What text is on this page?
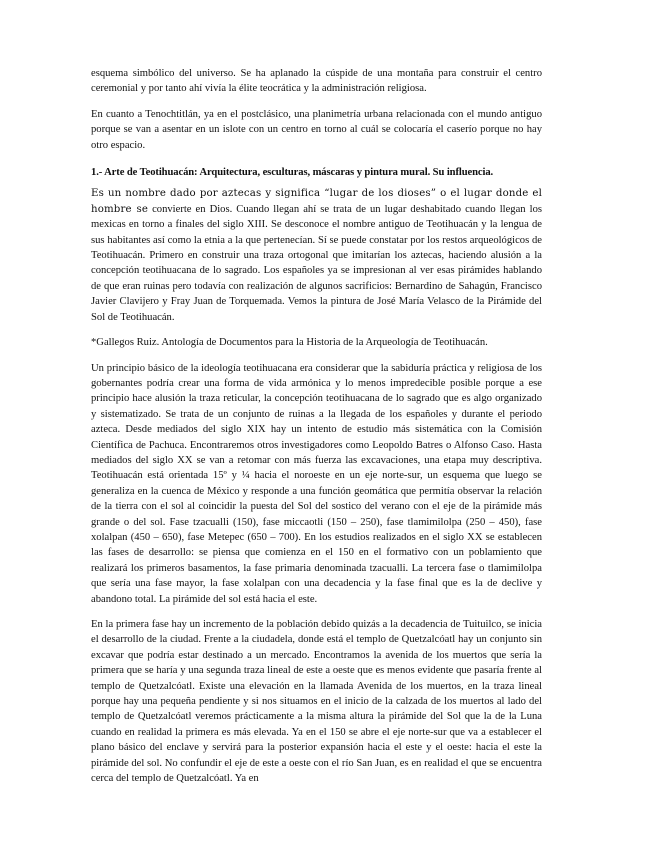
esquema simbólico del universo. Se ha aplanado la cúspide de una montaña para construir el centro ceremonial y por tanto ahí vivía la élite teocrática y la administración religiosa.

En cuanto a Tenochtitlán, ya en el postclásico, una planimetría urbana relacionada con el mundo antiguo porque se van a asentar en un islote con un centro en torno al cuál se colocaría el caserío porque no hay otro espacio.

1.- Arte de Teotihuacán: Arquitectura, esculturas, máscaras y pintura mural. Su influencia.

Es un nombre dado por aztecas y significa “lugar de los dioses” o el lugar donde el hombre se convierte en Dios. Cuando llegan ahí se trata de un lugar deshabitado cuando llegan los mexicas en torno a finales del siglo XIII. Se desconoce el nombre antiguo de Teotihuacán y la lengua de sus habitantes así como la etnia a la que pertenecían. Sí se puede constatar por los restos arqueológicos de Teotihuacán. Primero en construir una traza ortogonal que imitarían los aztecas, haciendo alusión a la concepción teotihuacana de lo sagrado. Los españoles ya se impresionan al ver esas pirámides hablando de que eran ruinas pero todavía con realización de algunos sacrificios: Bernardino de Sahagún, Francisco Javier Clavijero y Fray Juan de Torquemada. Vemos la pintura de José María Velasco de la Pirámide del Sol de Teotihuacán.

*Gallegos Ruiz. Antología de Documentos para la Historia de la Arqueología de Teotihuacán.

Un principio básico de la ideología teotihuacana era considerar que la sabiduría práctica y religiosa de los gobernantes podría crear una forma de vida armónica y lo menos impredecible posible porque a ese principio hace alusión la traza reticular, la concepción teotihuacana de lo sagrado que es algo organizado y sistematizado. Se trata de un conjunto de ruinas a la llegada de los españoles y durante el periodo azteca. Desde mediados del siglo XIX hay un intento de estudio más sistemática con la Comisión Científica de Pachuca. Encontraremos otros investigadores como Leopoldo Batres o Alfonso Caso. Hasta mediados del siglo XX se van a retomar con más fuerza las excavaciones, una etapa muy descriptiva. Teotihuacán está orientada 15º y ¼ hacia el noroeste en un eje norte-sur, un esquema que luego se generaliza en la cuenca de México y responde a una función geomática que permitía observar la relación de la tierra con el sol al coincidir la puesta del Sol del sostico del verano con el eje de la pirámide más grande o del sol. Fase tzacualli (150), fase miccaotli (150 – 250), fase tlamimilolpa (250 – 450), fase xolalpan (450 – 650), fase Metepec (650 – 700). En los estudios realizados en el siglo XX se establecen las fases de desarrollo: se piensa que comienza en el 150 en el formativo con un poblamiento que realizará los primeros basamentos, la fase primaria denominada tzacualli. La tercera fase o tlamimilolpa que sería una fase mayor, la fase xolalpan con una decadencia y la fase final que es la de declive y abandono total. La pirámide del sol está hacia el este.

En la primera fase hay un incremento de la población debido quizás a la decadencia de Tuituilco, se inicia el desarrollo de la ciudad. Frente a la ciudadela, donde está el templo de Quetzalcóatl hay un conjunto sin excavar que podría estar destinado a un mercado. Encontramos la avenida de los muertos que sería la primera que se haría y una segunda traza lineal de este a oeste que es menos evidente que pasaría frente al templo de Quetzalcóatl. Existe una elevación en la llamada Avenida de los muertos, en la traza lineal porque hay una pequeña pendiente y si nos situamos en el inicio de la calzada de los muertos al lado del templo de Quetzalcóatl veremos prácticamente a la misma altura la pirámide del Sol que la de la Luna cuando en realidad la primera es más elevada. Ya en el 150 se abre el eje norte-sur que va a establecer el plano básico del enclave y servirá para la posterior expansión hacia el este y el oeste: hacia el este la pirámide del sol. No confundir el eje de este a oeste con el río San Juan, es en realidad el que se encuentra cerca del templo de Quetzalcóatl. Ya en
